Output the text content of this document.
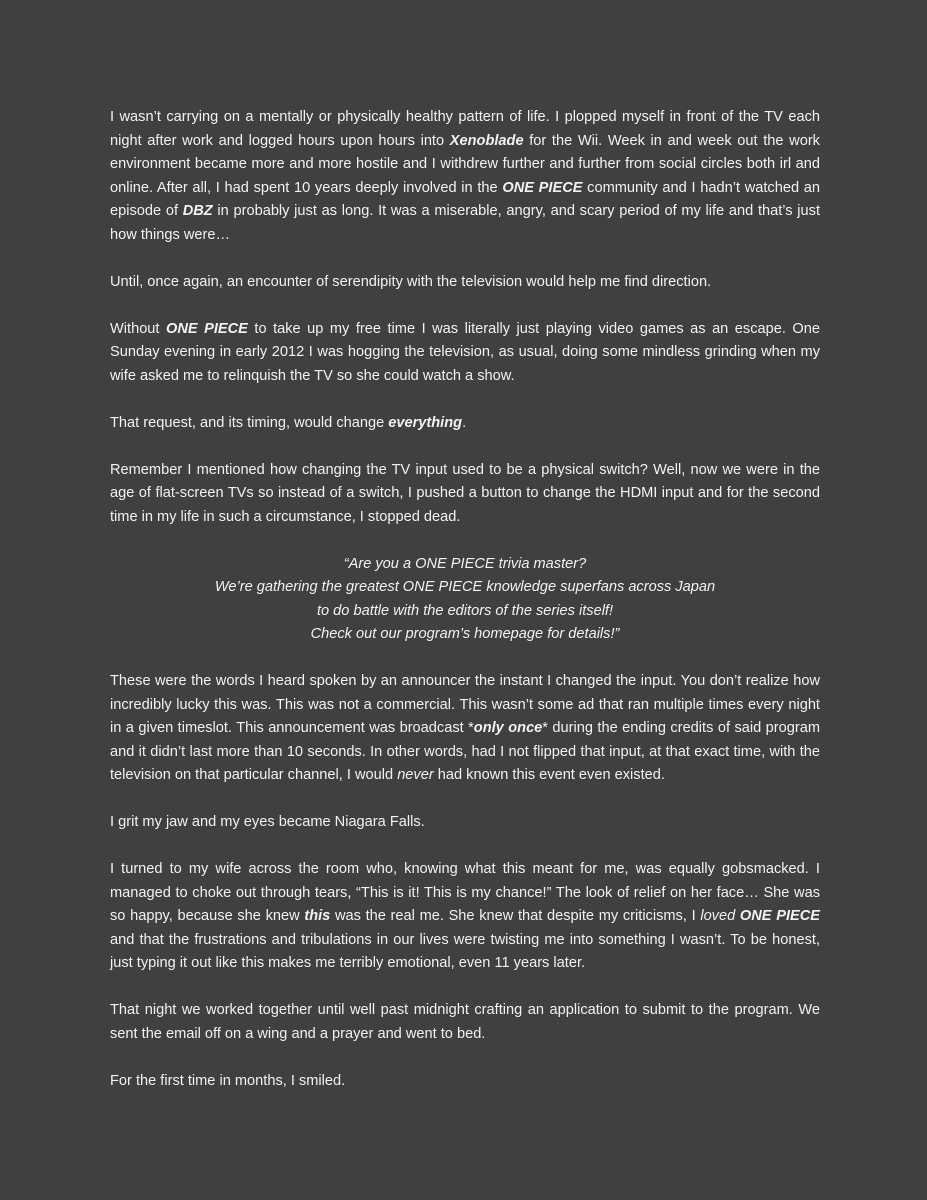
I wasn’t carrying on a mentally or physically healthy pattern of life. I plopped myself in front of the TV each night after work and logged hours upon hours into Xenoblade for the Wii. Week in and week out the work environment became more and more hostile and I withdrew further and further from social circles both irl and online. After all, I had spent 10 years deeply involved in the ONE PIECE community and I hadn’t watched an episode of DBZ in probably just as long. It was a miserable, angry, and scary period of my life and that’s just how things were…

Until, once again, an encounter of serendipity with the television would help me find direction.

Without ONE PIECE to take up my free time I was literally just playing video games as an escape. One Sunday evening in early 2012 I was hogging the television, as usual, doing some mindless grinding when my wife asked me to relinquish the TV so she could watch a show.

That request, and its timing, would change everything.

Remember I mentioned how changing the TV input used to be a physical switch? Well, now we were in the age of flat-screen TVs so instead of a switch, I pushed a button to change the HDMI input and for the second time in my life in such a circumstance, I stopped dead.

“Are you a ONE PIECE trivia master?
We’re gathering the greatest ONE PIECE knowledge superfans across Japan
to do battle with the editors of the series itself!
Check out our program’s homepage for details!”

These were the words I heard spoken by an announcer the instant I changed the input. You don’t realize how incredibly lucky this was. This was not a commercial. This wasn’t some ad that ran multiple times every night in a given timeslot. This announcement was broadcast *only once* during the ending credits of said program and it didn’t last more than 10 seconds. In other words, had I not flipped that input, at that exact time, with the television on that particular channel, I would never had known this event even existed.

I grit my jaw and my eyes became Niagara Falls.

I turned to my wife across the room who, knowing what this meant for me, was equally gobsmacked. I managed to choke out through tears, “This is it! This is my chance!” The look of relief on her face… She was so happy, because she knew this was the real me. She knew that despite my criticisms, I loved ONE PIECE and that the frustrations and tribulations in our lives were twisting me into something I wasn’t. To be honest, just typing it out like this makes me terribly emotional, even 11 years later.

That night we worked together until well past midnight crafting an application to submit to the program. We sent the email off on a wing and a prayer and went to bed.

For the first time in months, I smiled.
